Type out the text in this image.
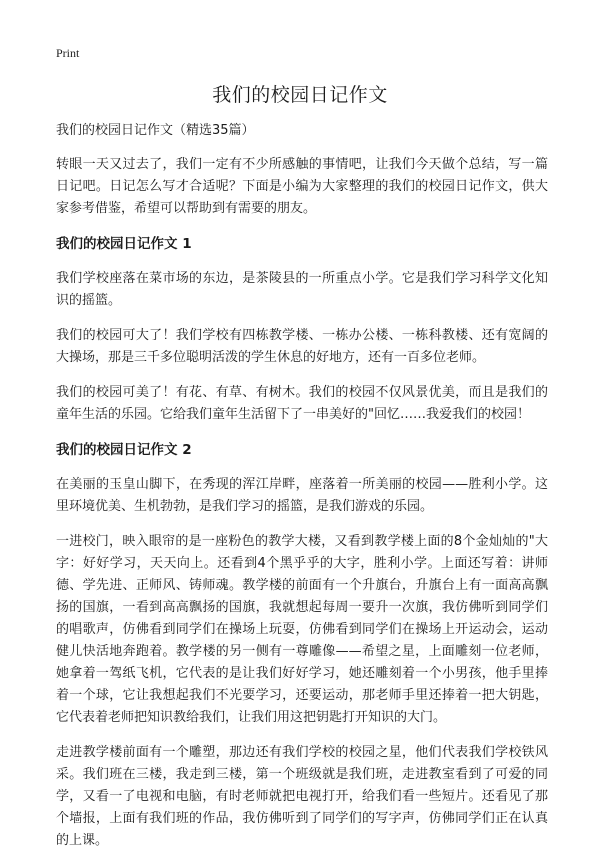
Print
我们的校园日记作文

我们的校园日记作文（精选35篇）

转眼一天又过去了，我们一定有不少所感触的事情吧，让我们今天做个总结，写一篇日记吧。日记怎么写才合适呢？下面是小编为大家整理的我们的校园日记作文，供大家参考借鉴，希望可以帮助到有需要的朋友。

我们的校园日记作文 1

我们学校座落在菜市场的东边，是茶陵县的一所重点小学。它是我们学习科学文化知识的摇篮。

我们的校园可大了！我们学校有四栋教学楼、一栋办公楼、一栋科教楼、还有宽阔的大操场，那是三千多位聪明活泼的学生休息的好地方，还有一百多位老师。

我们的校园可美了！有花、有草、有树木。我们的校园不仅风景优美，而且是我们的童年生活的乐园。它给我们童年生活留下了一串美好的"回忆……我爱我们的校园！

我们的校园日记作文 2

在美丽的玉皇山脚下，在秀现的浑江岸畔，座落着一所美丽的校园——胜利小学。这里环境优美、生机勃勃，是我们学习的摇篮，是我们游戏的乐园。

一进校门，映入眼帘的是一座粉色的教学大楼，又看到教学楼上面的8个金灿灿的"大字：好好学习，天天向上。还看到4个黑乎乎的大字，胜利小学。上面还写着：讲师德、学先进、正师风、铸师魂。教学楼的前面有一个升旗台，升旗台上有一面高高飘扬的国旗，一看到高高飘扬的国旗，我就想起每周一要升一次旗，我仿佛听到同学们的唱歌声，仿佛看到同学们在操场上玩耍，仿佛看到同学们在操场上开运动会，运动健儿快活地奔跑着。教学楼的另一侧有一尊雕像——希望之星，上面雕刻一位老师，她拿着一驾纸飞机，它代表的是让我们好好学习，她还雕刻着一个小男孩，他手里捧着一个球，它让我想起我们不光要学习，还要运动，那老师手里还捧着一把大钥匙，它代表着老师把知识教给我们，让我们用这把钥匙打开知识的大门。

走进教学楼前面有一个雕塑，那边还有我们学校的校园之星，他们代表我们学校铁风采。我们班在三楼，我走到三楼，第一个班级就是我们班，走进教室看到了可爱的同学，又看一了电视和电脑，有时老师就把电视打开，给我们看一些短片。还看见了那个墙报，上面有我们班的作品，我仿佛听到了同学们的写字声，仿佛同学们正在认真的上课。
